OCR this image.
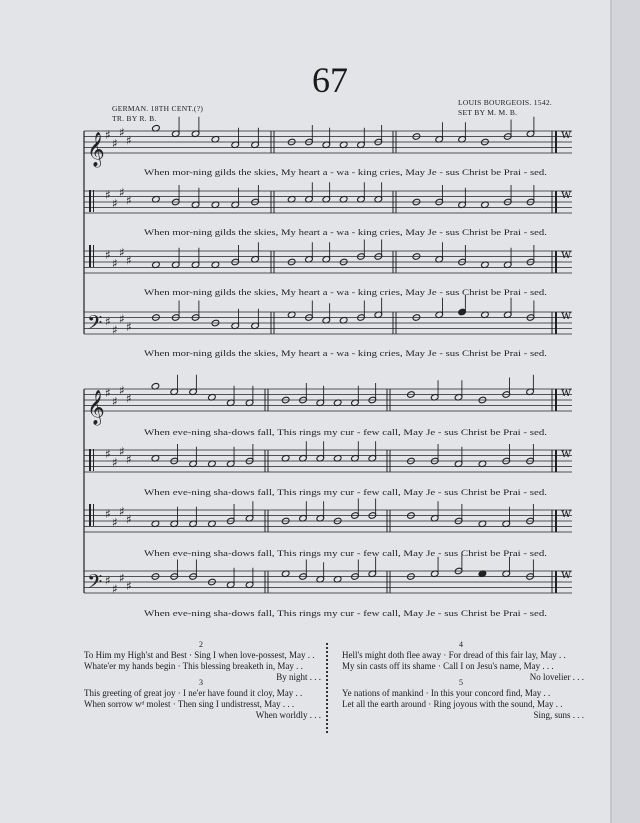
67
GERMAN. 18TH CENT.(?)
TR. BY R. B.
LOUIS BOURGEOIS. 1542.
SET BY M. M. B.
w
𝄞 ♯
♯
♯
♯
When mor-ning gilds the skies, My heart a - wa - king cries, May Je - sus Christ be Prai - sed.
w
♯
♯
♯
♯
When mor-ning gilds the skies, My heart a - wa - king cries, May Je - sus Christ be Prai - sed.
w
♯
♯
♯
♯
When mor-ning gilds the skies, My heart a - wa - king cries, May Je - sus Christ be Prai - sed.
w
𝄢 ♯
♯
♯
♯
When mor-ning gilds the skies, My heart a - wa - king cries, May Je - sus Christ be Prai - sed.
w
𝄞 ♯
♯
♯
♯
When eve-ning sha-dows fall, This rings my cur - few call, May Je - sus Christ be Prai - sed.
w
♯
♯
♯
♯
When eve-ning sha-dows fall, This rings my cur - few call, May Je - sus Christ be Prai - sed.
w
♯
♯
♯
♯
When eve-ning sha-dows fall, This rings my cur - few call, May Je - sus Christ be Prai - sed.
w
𝄢 ♯
♯
♯
♯
When eve-ning sha-dows fall, This rings my cur - few call, May Je - sus Christ be Prai - sed.
2
To Him my High'st and Best · Sing I when love-possest, May . .
Whate'er my hands begin · This blessing breaketh in, May . .
By night . . .
3
This greeting of great joy · I ne'er have found it cloy, May . .
When sorrow wᵈ molest · Then sing I undistresst, May . . .
When worldly . . .
4
Hell's might doth flee away · For dread of this fair lay, May . .
My sin casts off its shame · Call I on Jesu's name, May . . .
No lovelier . . .
5
Ye nations of mankind · In this your concord find, May . .
Let all the earth around · Ring joyous with the sound, May . .
Sing, suns . . .
